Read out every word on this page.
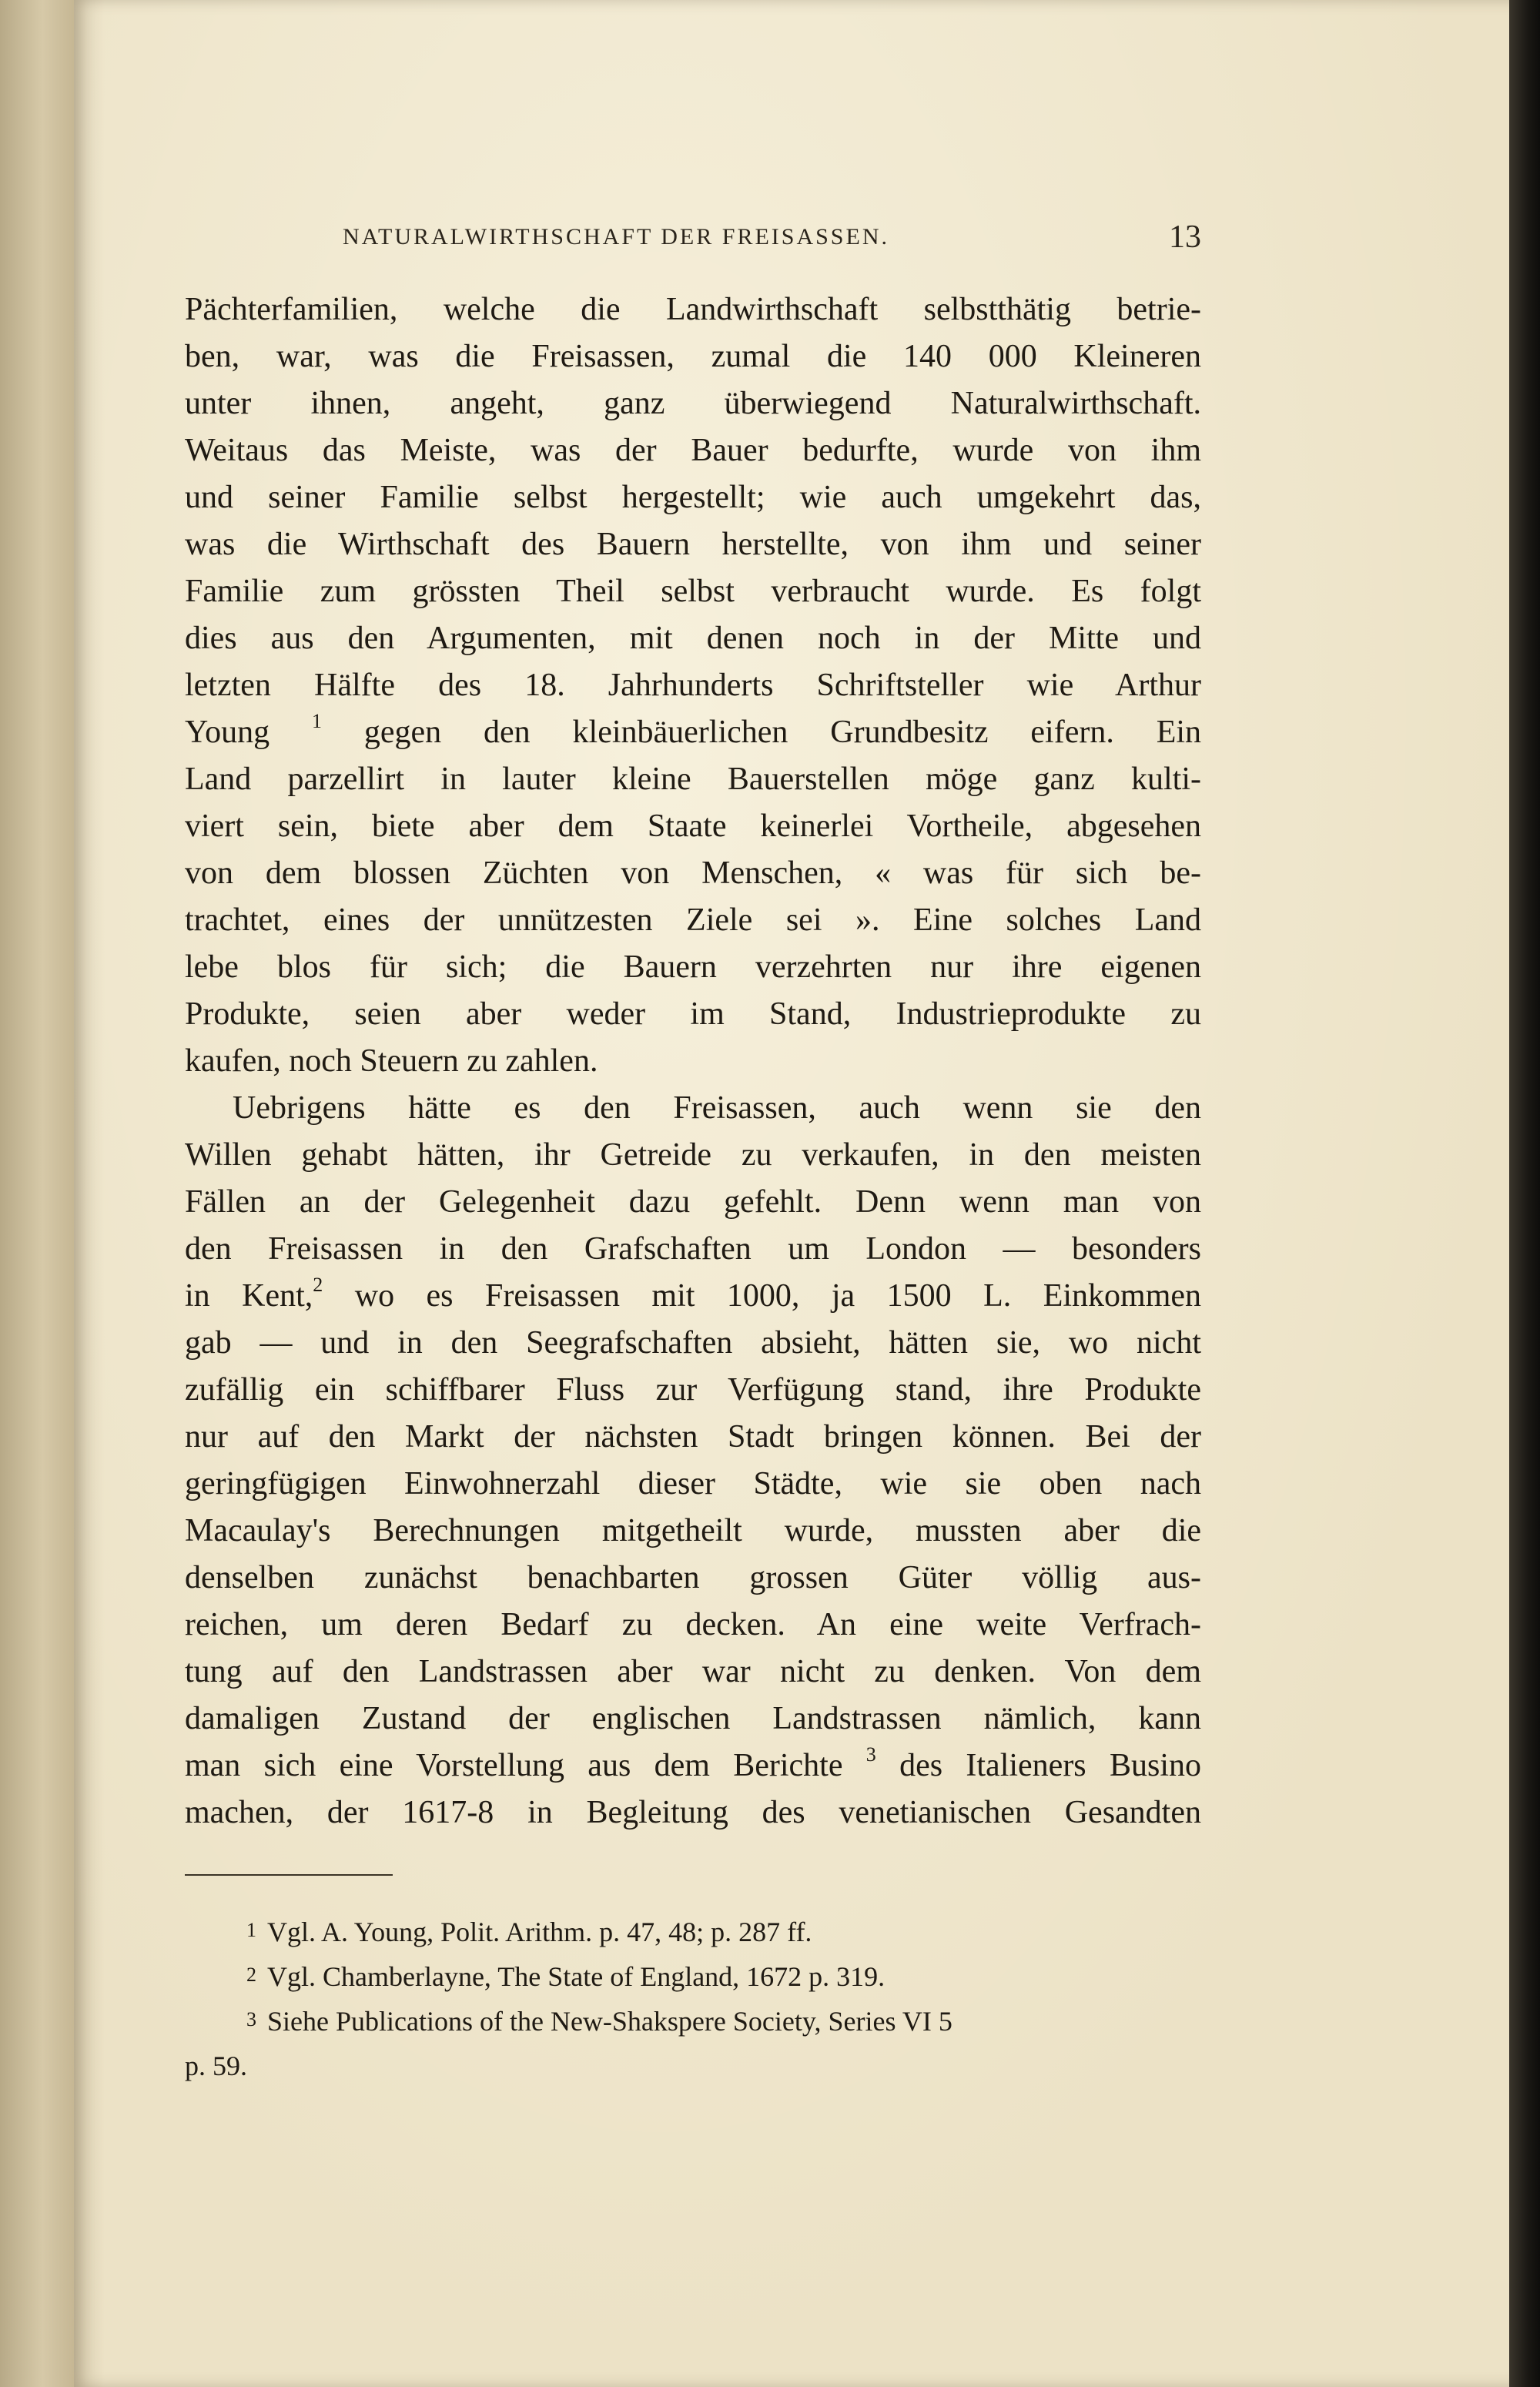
NATURALWIRTHSCHAFT DER FREISASSEN.	13
Pächterfamilien, welche die Landwirthschaft selbstthätig betrie-
ben, war, was die Freisassen, zumal die 140 000 Kleineren
unter ihnen, angeht, ganz überwiegend Naturalwirthschaft.
Weitaus das Meiste, was der Bauer bedurfte, wurde von ihm
und seiner Familie selbst hergestellt; wie auch umgekehrt das,
was die Wirthschaft des Bauern herstellte, von ihm und seiner
Familie zum grössten Theil selbst verbraucht wurde. Es folgt
dies aus den Argumenten, mit denen noch in der Mitte und
letzten Hälfte des 18. Jahrhunderts Schriftsteller wie Arthur
Young $^1$ gegen den kleinbäuerlichen Grundbesitz eifern. Ein
Land parzellirt in lauter kleine Bauerstellen möge ganz kulti-
viert sein, biete aber dem Staate keinerlei Vortheile, abgesehen
von dem blossen Züchten von Menschen, « was für sich be-
trachtet, eines der unnützesten Ziele sei ». Eine solches Land
lebe blos für sich; die Bauern verzehrten nur ihre eigenen
Produkte, seien aber weder im Stand, Industrieprodukte zu
kaufen, noch Steuern zu zahlen.
Uebrigens hätte es den Freisassen, auch wenn sie den
Willen gehabt hätten, ihr Getreide zu verkaufen, in den meisten
Fällen an der Gelegenheit dazu gefehlt. Denn wenn man von
den Freisassen in den Grafschaften um London — besonders
in Kent,$^2$ wo es Freisassen mit 1000, ja 1500 L. Einkommen
gab — und in den Seegrafschaften absieht, hätten sie, wo nicht
zufällig ein schiffbarer Fluss zur Verfügung stand, ihre Produkte
nur auf den Markt der nächsten Stadt bringen können. Bei der
geringfügigen Einwohnerzahl dieser Städte, wie sie oben nach
Macaulay's Berechnungen mitgetheilt wurde, mussten aber die
denselben zunächst benachbarten grossen Güter völlig aus-
reichen, um deren Bedarf zu decken. An eine weite Verfrach-
tung auf den Landstrassen aber war nicht zu denken. Von dem
damaligen Zustand der englischen Landstrassen nämlich, kann
man sich eine Vorstellung aus dem Berichte $^3$ des Italieners Busino
machen, der 1617-8 in Begleitung des venetianischen Gesandten
1 Vgl. A. Young, Polit. Arithm. p. 47, 48; p. 287 ff.
2 Vgl. Chamberlayne, The State of England, 1672 p. 319.
3 Siehe Publications of the New-Shakspere Society, Series VI 5
p. 59.
